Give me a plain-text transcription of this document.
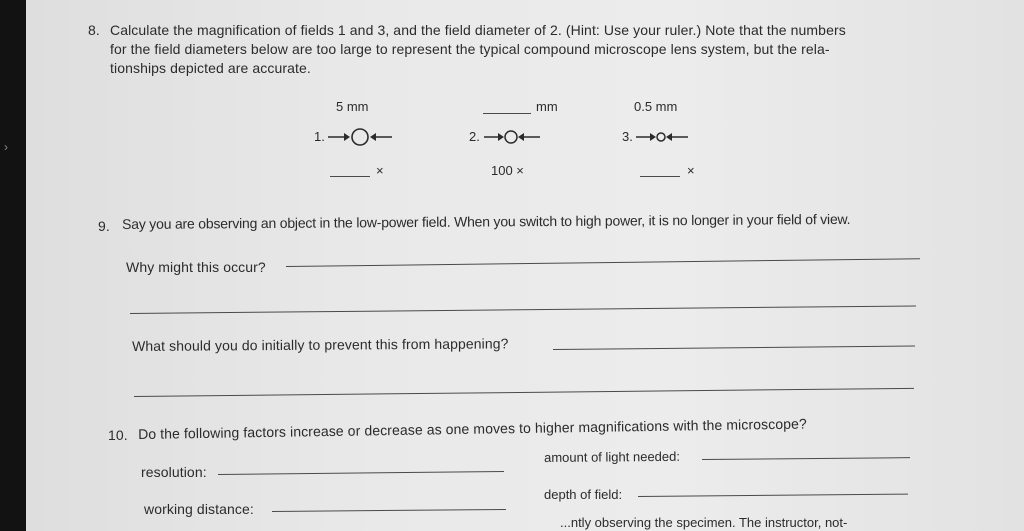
›
8. Calculate the magnification of fields 1 and 3, and the field diameter of 2. (Hint: Use your ruler.) Note that the numbers
for the field diameters below are too large to represent the typical compound microscope lens system, but the rela-
tionships depicted are accurate.
5 mm	mm	0.5 mm
1.	2.	3.
×	100 ×	×
9. Say you are observing an object in the low-power field. When you switch to high power, it is no longer in your field of view.
Why might this occur?
What should you do initially to prevent this from happening?
10. Do the following factors increase or decrease as one moves to higher magnifications with the microscope?
resolution:
amount of light needed:
working distance:
depth of field:
...ntly observing the specimen. The instructor, not-
